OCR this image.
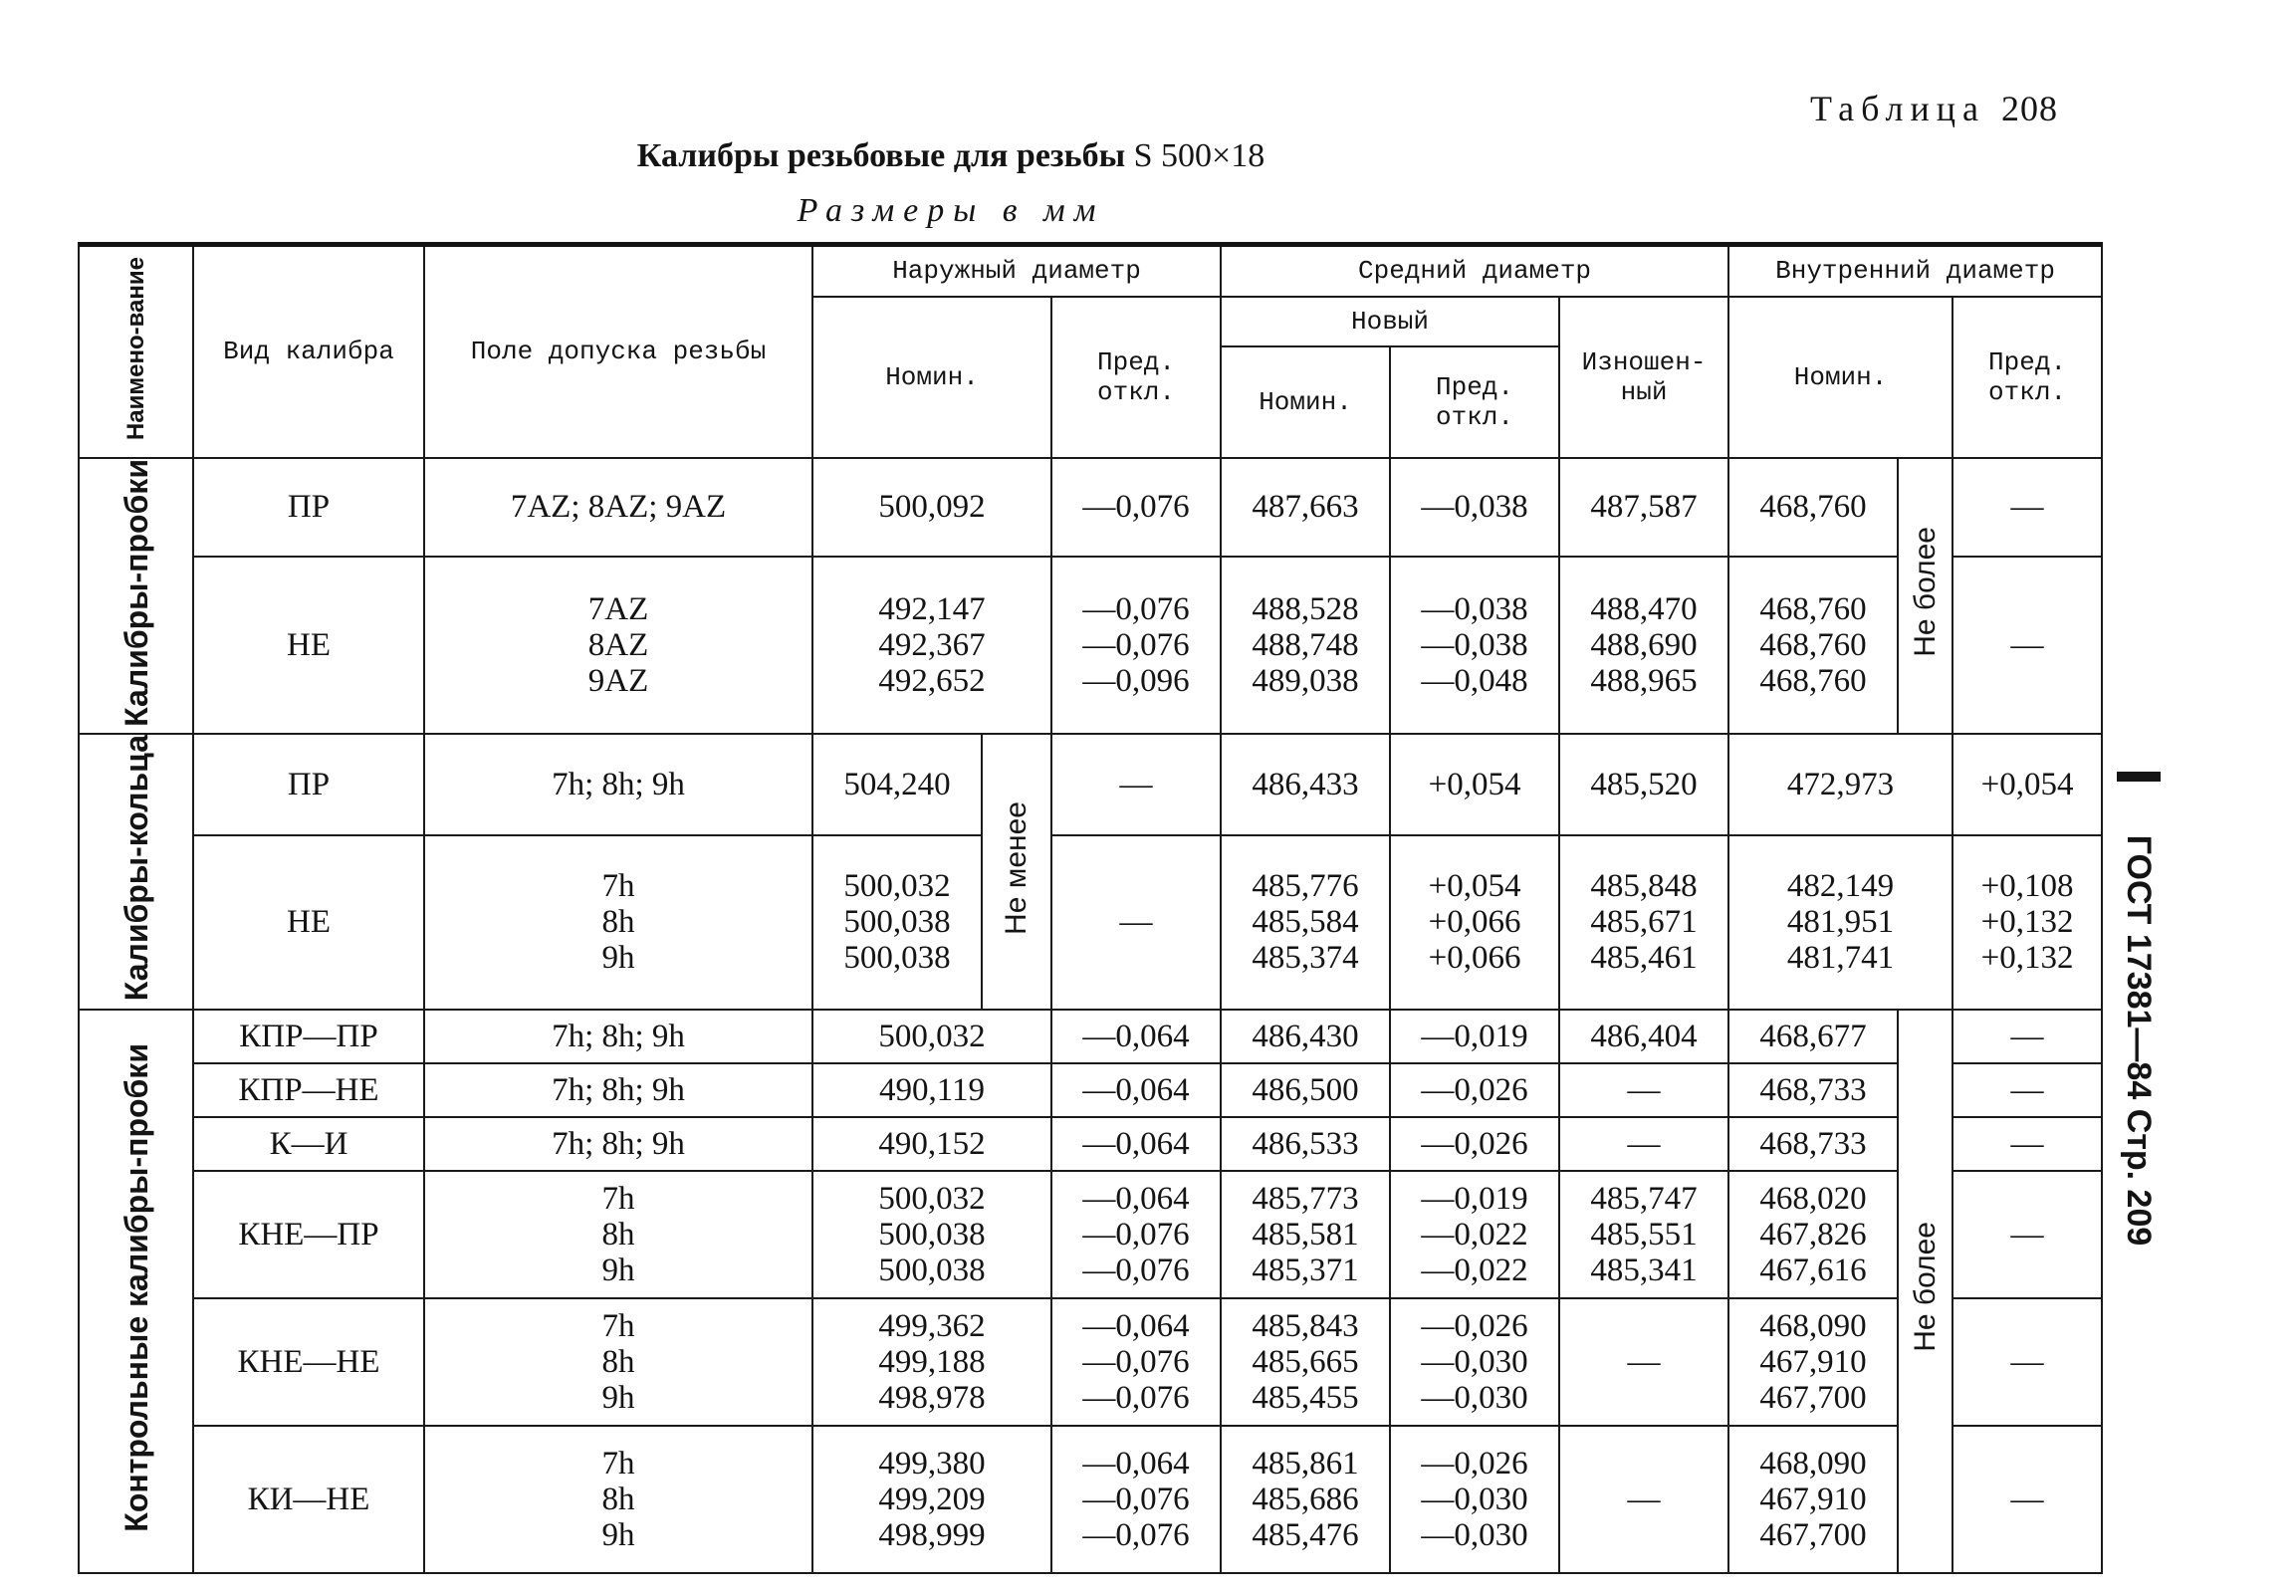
Таблица 208
Калибры резьбовые для резьбы S 500×18
Размеры в мм
ГОСТ 17381—84 Стр. 209
Наимено-вание	Вид калибра	Поле допуска резьбы	Наружный диаметр			Средний диаметр			Внутренний диаметр		
			Номин.		Пред. откл.	Новый		Изношен-ный	Номин.		Пред. откл.
						Номин.	Пред. откл.				
Калибры-пробки	ПР	7AZ; 8AZ; 9AZ	500,092		—0,076	487,663	—0,038	487,587	468,760	Не более	—
	НЕ	7AZ
8AZ
9AZ	492,147
492,367
492,652		—0,076
—0,076
—0,096	488,528
488,748
489,038	—0,038
—0,038
—0,048	488,470
488,690
488,965	468,760
468,760
468,760		—
Калибры-кольца	ПР	7h; 8h; 9h	504,240	Не менее	—	486,433	+0,054	485,520	472,973		+0,054
	НЕ	7h
8h
9h	500,032
500,038
500,038		—	485,776
485,584
485,374	+0,054
+0,066
+0,066	485,848
485,671
485,461	482,149
481,951
481,741		+0,108
+0,132
+0,132
Контрольные калибры-пробки	КПР—ПР	7h; 8h; 9h	500,032		—0,064	486,430	—0,019	486,404	468,677	Не более	—
	КПР—НЕ	7h; 8h; 9h	490,119		—0,064	486,500	—0,026	—	468,733		—
	К—И	7h; 8h; 9h	490,152		—0,064	486,533	—0,026	—	468,733		—
	КНЕ—ПР	7h
8h
9h	500,032
500,038
500,038		—0,064
—0,076
—0,076	485,773
485,581
485,371	—0,019
—0,022
—0,022	485,747
485,551
485,341	468,020
467,826
467,616		—
	КНЕ—НЕ	7h
8h
9h	499,362
499,188
498,978		—0,064
—0,076
—0,076	485,843
485,665
485,455	—0,026
—0,030
—0,030	—	468,090
467,910
467,700		—
	КИ—НЕ	7h
8h
9h	499,380
499,209
498,999		—0,064
—0,076
—0,076	485,861
485,686
485,476	—0,026
—0,030
—0,030	—	468,090
467,910
467,700		—
